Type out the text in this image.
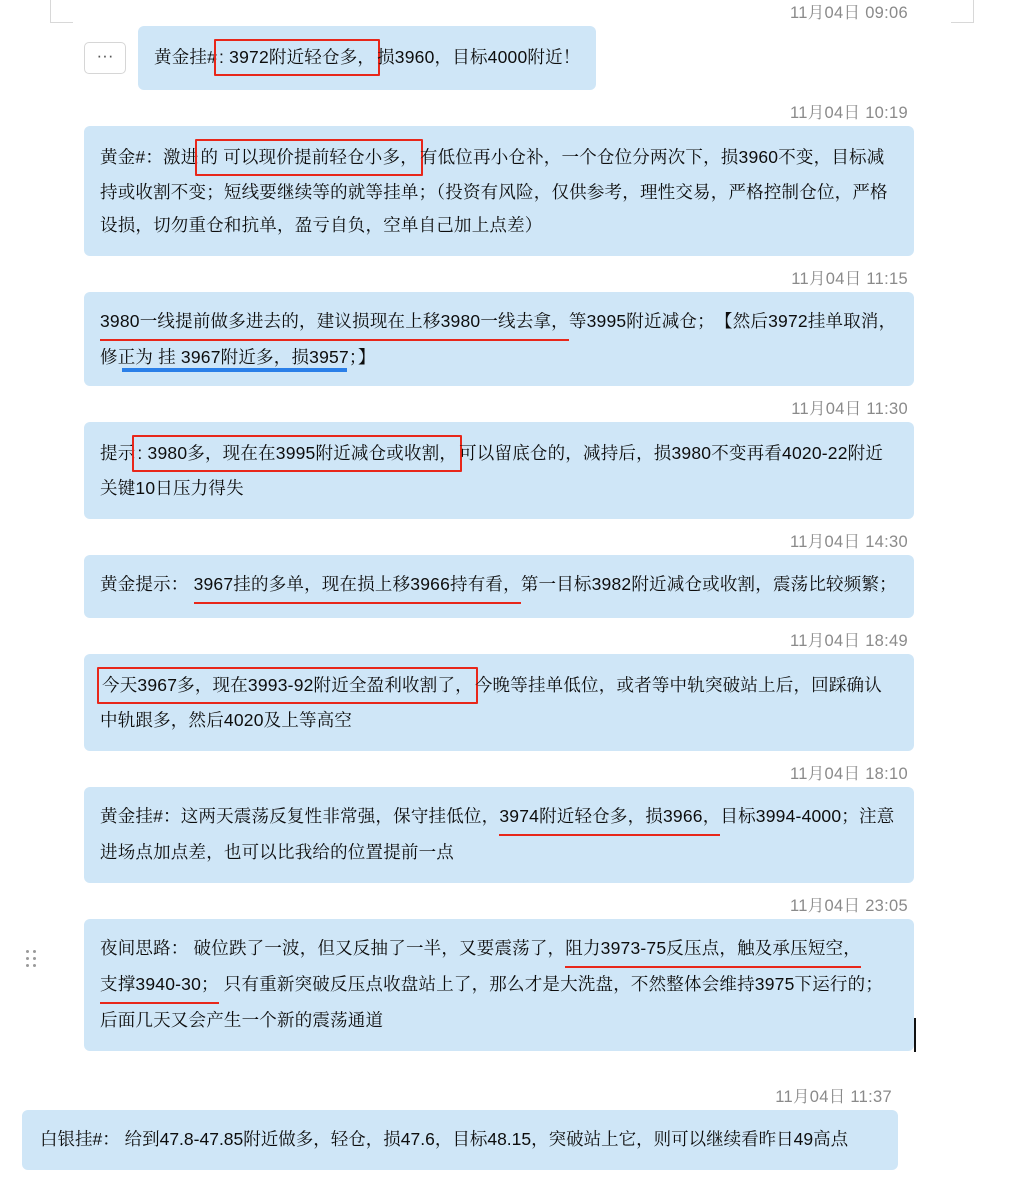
11月04日 09:06
···	黄金挂# : 3972附近轻仓多， 损3960，目标4000附近！
11月04日 10:19
黄金#：激进 的 可以现价提前轻仓小多， 有低位再小仓补，一个仓位分两次下，损3960不变，目标减持或收割不变；短线要继续等的就等挂单；（投资有风险，仅供参考，理性交易，严格控制仓位，严格设损，切勿重仓和抗单，盈亏自负，空单自己加上点差）
11月04日 11:15
3980一线提前做多进去的，建议损现在上移3980一线去拿，等3995附近减仓；　【然后3972挂单取消，修正为 挂 3967附近多，损3957；】
11月04日 11:30
提示 : 3980多，现在在3995附近减仓或收割， 可以留底仓的，减持后，损3980不变再看4020-22附近关键10日压力得失
11月04日 14:30
黄金提示： 3967挂的多单，现在损上移3966持有看，第一目标3982附近减仓或收割，震荡比较频繁；
11月04日 18:49
今天3967多，现在3993-92附近全盈利收割了， 今晚等挂单低位，或者等中轨突破站上后，回踩确认中轨跟多，然后4020及上等高空
11月04日 18:10
黄金挂#：这两天震荡反复性非常强，保守挂低位，3974附近轻仓多，损3966，目标3994-4000；注意进场点加点差，也可以比我给的位置提前一点
11月04日 23:05
夜间思路： 破位跌了一波，但又反抽了一半，又要震荡了，阻力3973-75反压点，触及承压短空， 支撑3940-30； 只有重新突破反压点收盘站上了，那么才是大洗盘，不然整体会维持3975下运行的； 后面几天又会产生一个新的震荡通道
11月04日 11:37
白银挂#： 给到47.8-47.85附近做多，轻仓，损47.6，目标48.15，突破站上它，则可以继续看昨日49高点
